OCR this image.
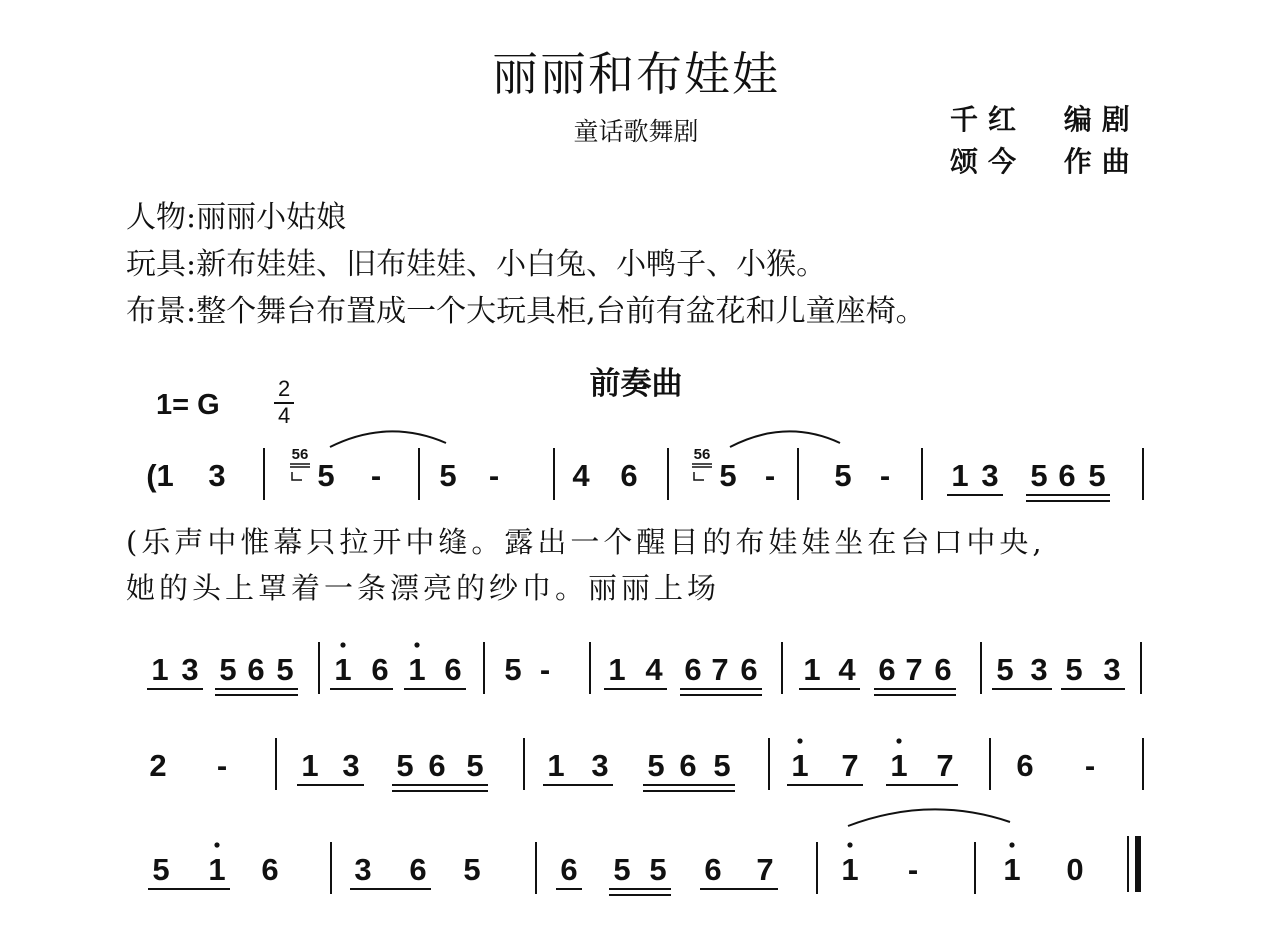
丽丽和布娃娃
童话歌舞剧	千红 编剧
颂今 作曲
人物:丽丽小姑娘
玩具:新布娃娃、旧布娃娃、小白兔、小鸭子、小猴。
布景:整个舞台布置成一个大玩具柜,台前有盆花和儿童座椅。
前奏曲
1= G
2
4
(乐声中惟幕只拉开中缝。露出一个醒目的布娃娃坐在台口中央,
她的头上罩着一条漂亮的纱巾。丽丽上场
(1 3	5 -
56
5 - 4 6	5 -
56
5 - 1 3 5 6 5
1 3 5 6 5 1 6 1 6 5 - 1 4 6 7 6 1 4 6 7 6 5 3 5 3
2 - 1 3 5 6 5 1 3 5 6 5 1 7 1 7 6 -
5 1 6 3 6 5	6 5 5 6 7 1 -	1 0
